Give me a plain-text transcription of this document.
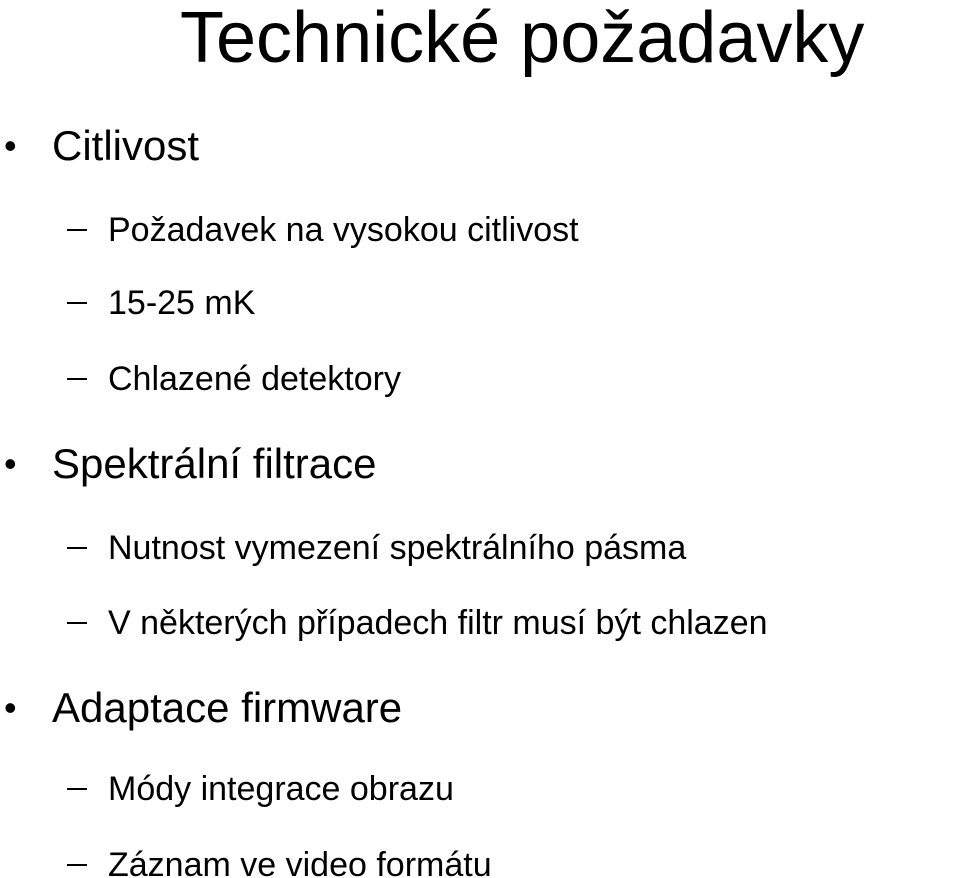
Technické požadavky
• Citlivost
Požadavek na vysokou citlivost
15-25 mK
Chlazené detektory
• Spektrální filtrace
Nutnost vymezení spektrálního pásma
V některých případech filtr musí být chlazen
• Adaptace firmware
Módy integrace obrazu
Záznam ve video formátu
